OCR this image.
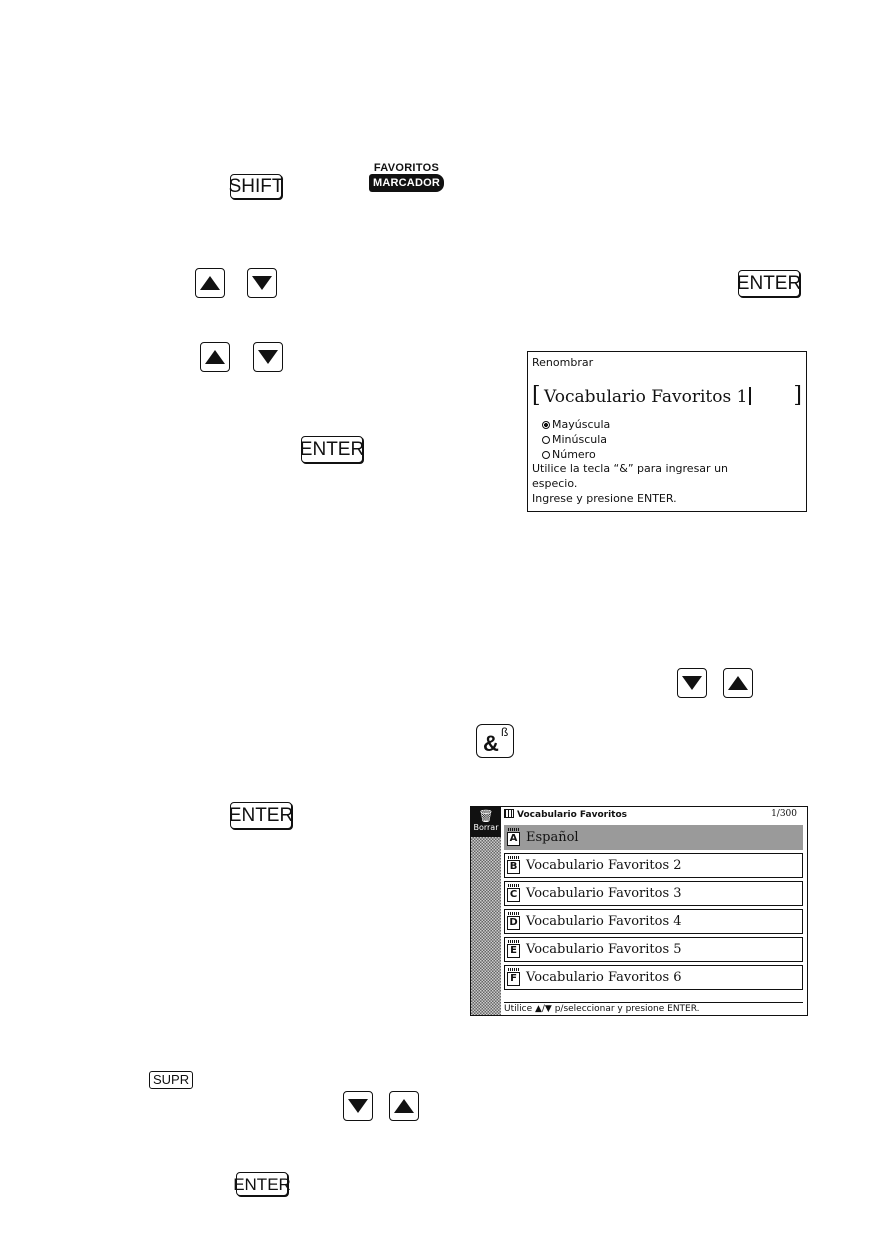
SHIFT
FAVORITOS
MARCADOR
ENTER
ENTER
Renombrar
[ Vocabulario Favoritos 1 ]
Mayúscula
Minúscula
Número
Utilice la tecla “&” para ingresar un
especio.
Ingrese y presione ENTER.
& ß
ENTER	🗑
Borrar
Vocabulario Favoritos	1/300
A Español
B Vocabulario Favoritos 2
C Vocabulario Favoritos 3
D Vocabulario Favoritos 4
E Vocabulario Favoritos 5
F Vocabulario Favoritos 6
Utilice ▲/▼ p/seleccionar y presione ENTER.
SUPR
ENTER
